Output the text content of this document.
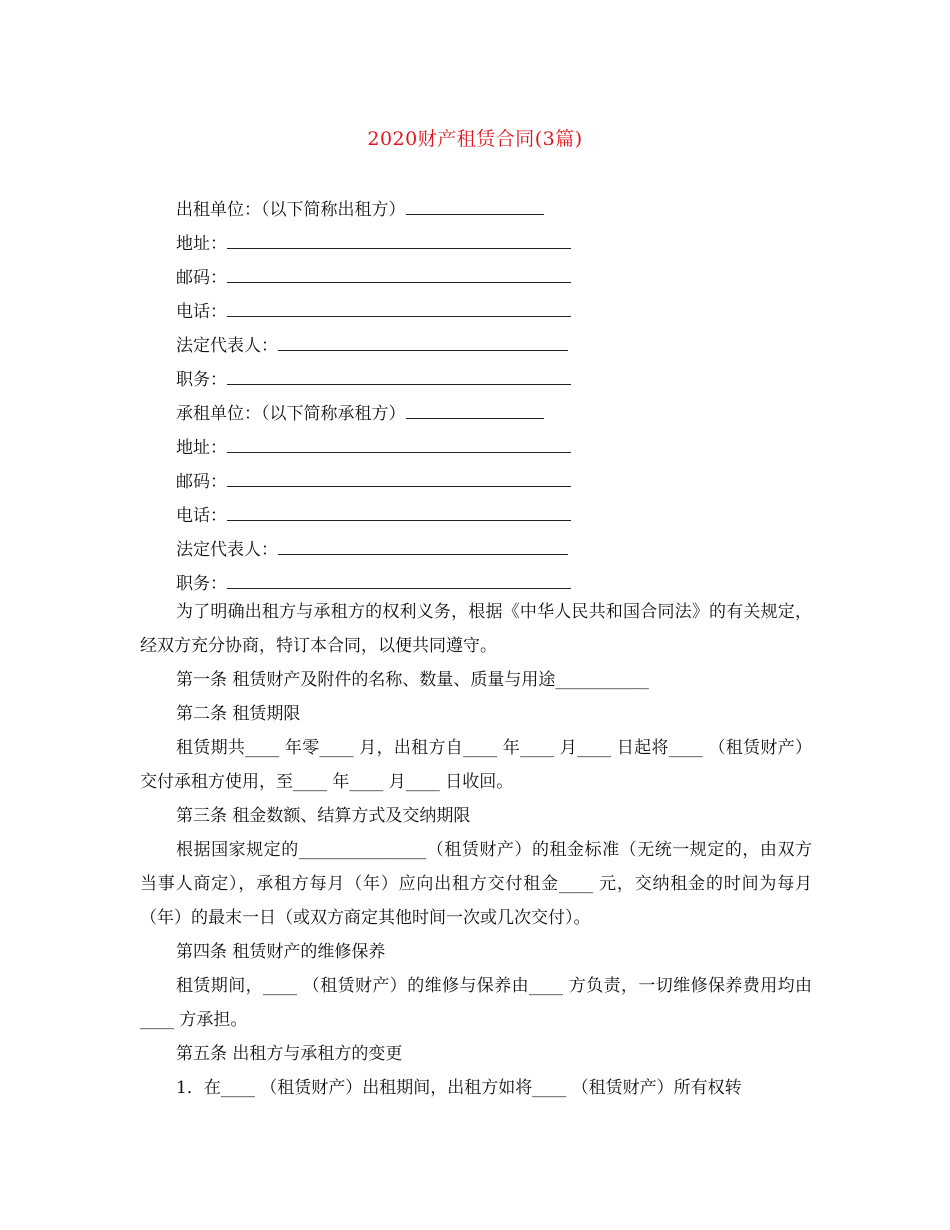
2020财产租赁合同(3篇)
出租单位：（以下简称出租方）
地址：
邮码：
电话：
法定代表人：
职务：
承租单位：（以下简称承租方）
地址：
邮码：
电话：
法定代表人：
职务：

为了明确出租方与承租方的权利义务，根据《中华人民共和国合同法》的有关规定，经双方充分协商，特订本合同，以便共同遵守。

第一条 租赁财产及附件的名称、数量、质量与用途___________

第二条 租赁期限

租赁期共____ 年零____ 月，出租方自____ 年____ 月____ 日起将____ （租赁财产）交付承租方使用，至____ 年____ 月____ 日收回。

第三条 租金数额、结算方式及交纳期限

根据国家规定的_______________（租赁财产）的租金标准（无统一规定的，由双方当事人商定），承租方每月（年）应向出租方交付租金____ 元，交纳租金的时间为每月（年）的最末一日（或双方商定其他时间一次或几次交付）。

第四条 租赁财产的维修保养

租赁期间，____ （租赁财产）的维修与保养由____ 方负责，一切维修保养费用均由____ 方承担。

第五条 出租方与承租方的变更

1．在____ （租赁财产）出租期间，出租方如将____ （租赁财产）所有权转
